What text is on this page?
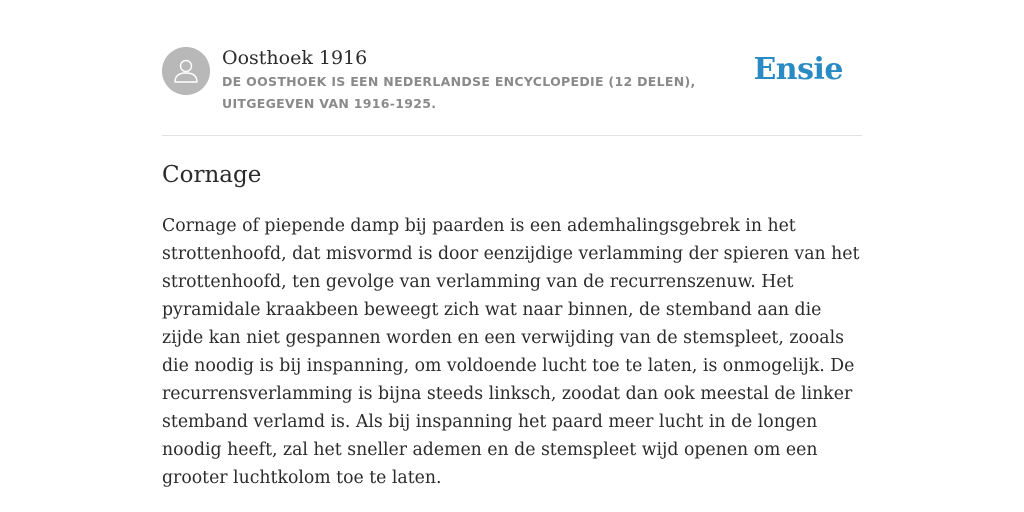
Oosthoek 1916
DE OOSTHOEK IS EEN NEDERLANDSE ENCYCLOPEDIE (12 DELEN), UITGEGEVEN VAN 1916-1925.
Ensie
Cornage

Cornage of piepende damp bij paarden is een ademhalingsgebrek in het strottenhoofd, dat misvormd is door eenzijdige verlamming der spieren van het strottenhoofd, ten gevolge van verlamming van de recurrenszenuw. Het pyramidale kraakbeen beweegt zich wat naar binnen, de stemband aan die zijde kan niet gespannen worden en een verwijding van de stemspleet, zooals die noodig is bij inspanning, om voldoende lucht toe te laten, is onmogelijk. De recurrensverlamming is bijna steeds linksch, zoodat dan ook meestal de linker stemband verlamd is. Als bij inspanning het paard meer lucht in de longen noodig heeft, zal het sneller ademen en de stemspleet wijd openen om een grooter luchtkolom toe te laten.
